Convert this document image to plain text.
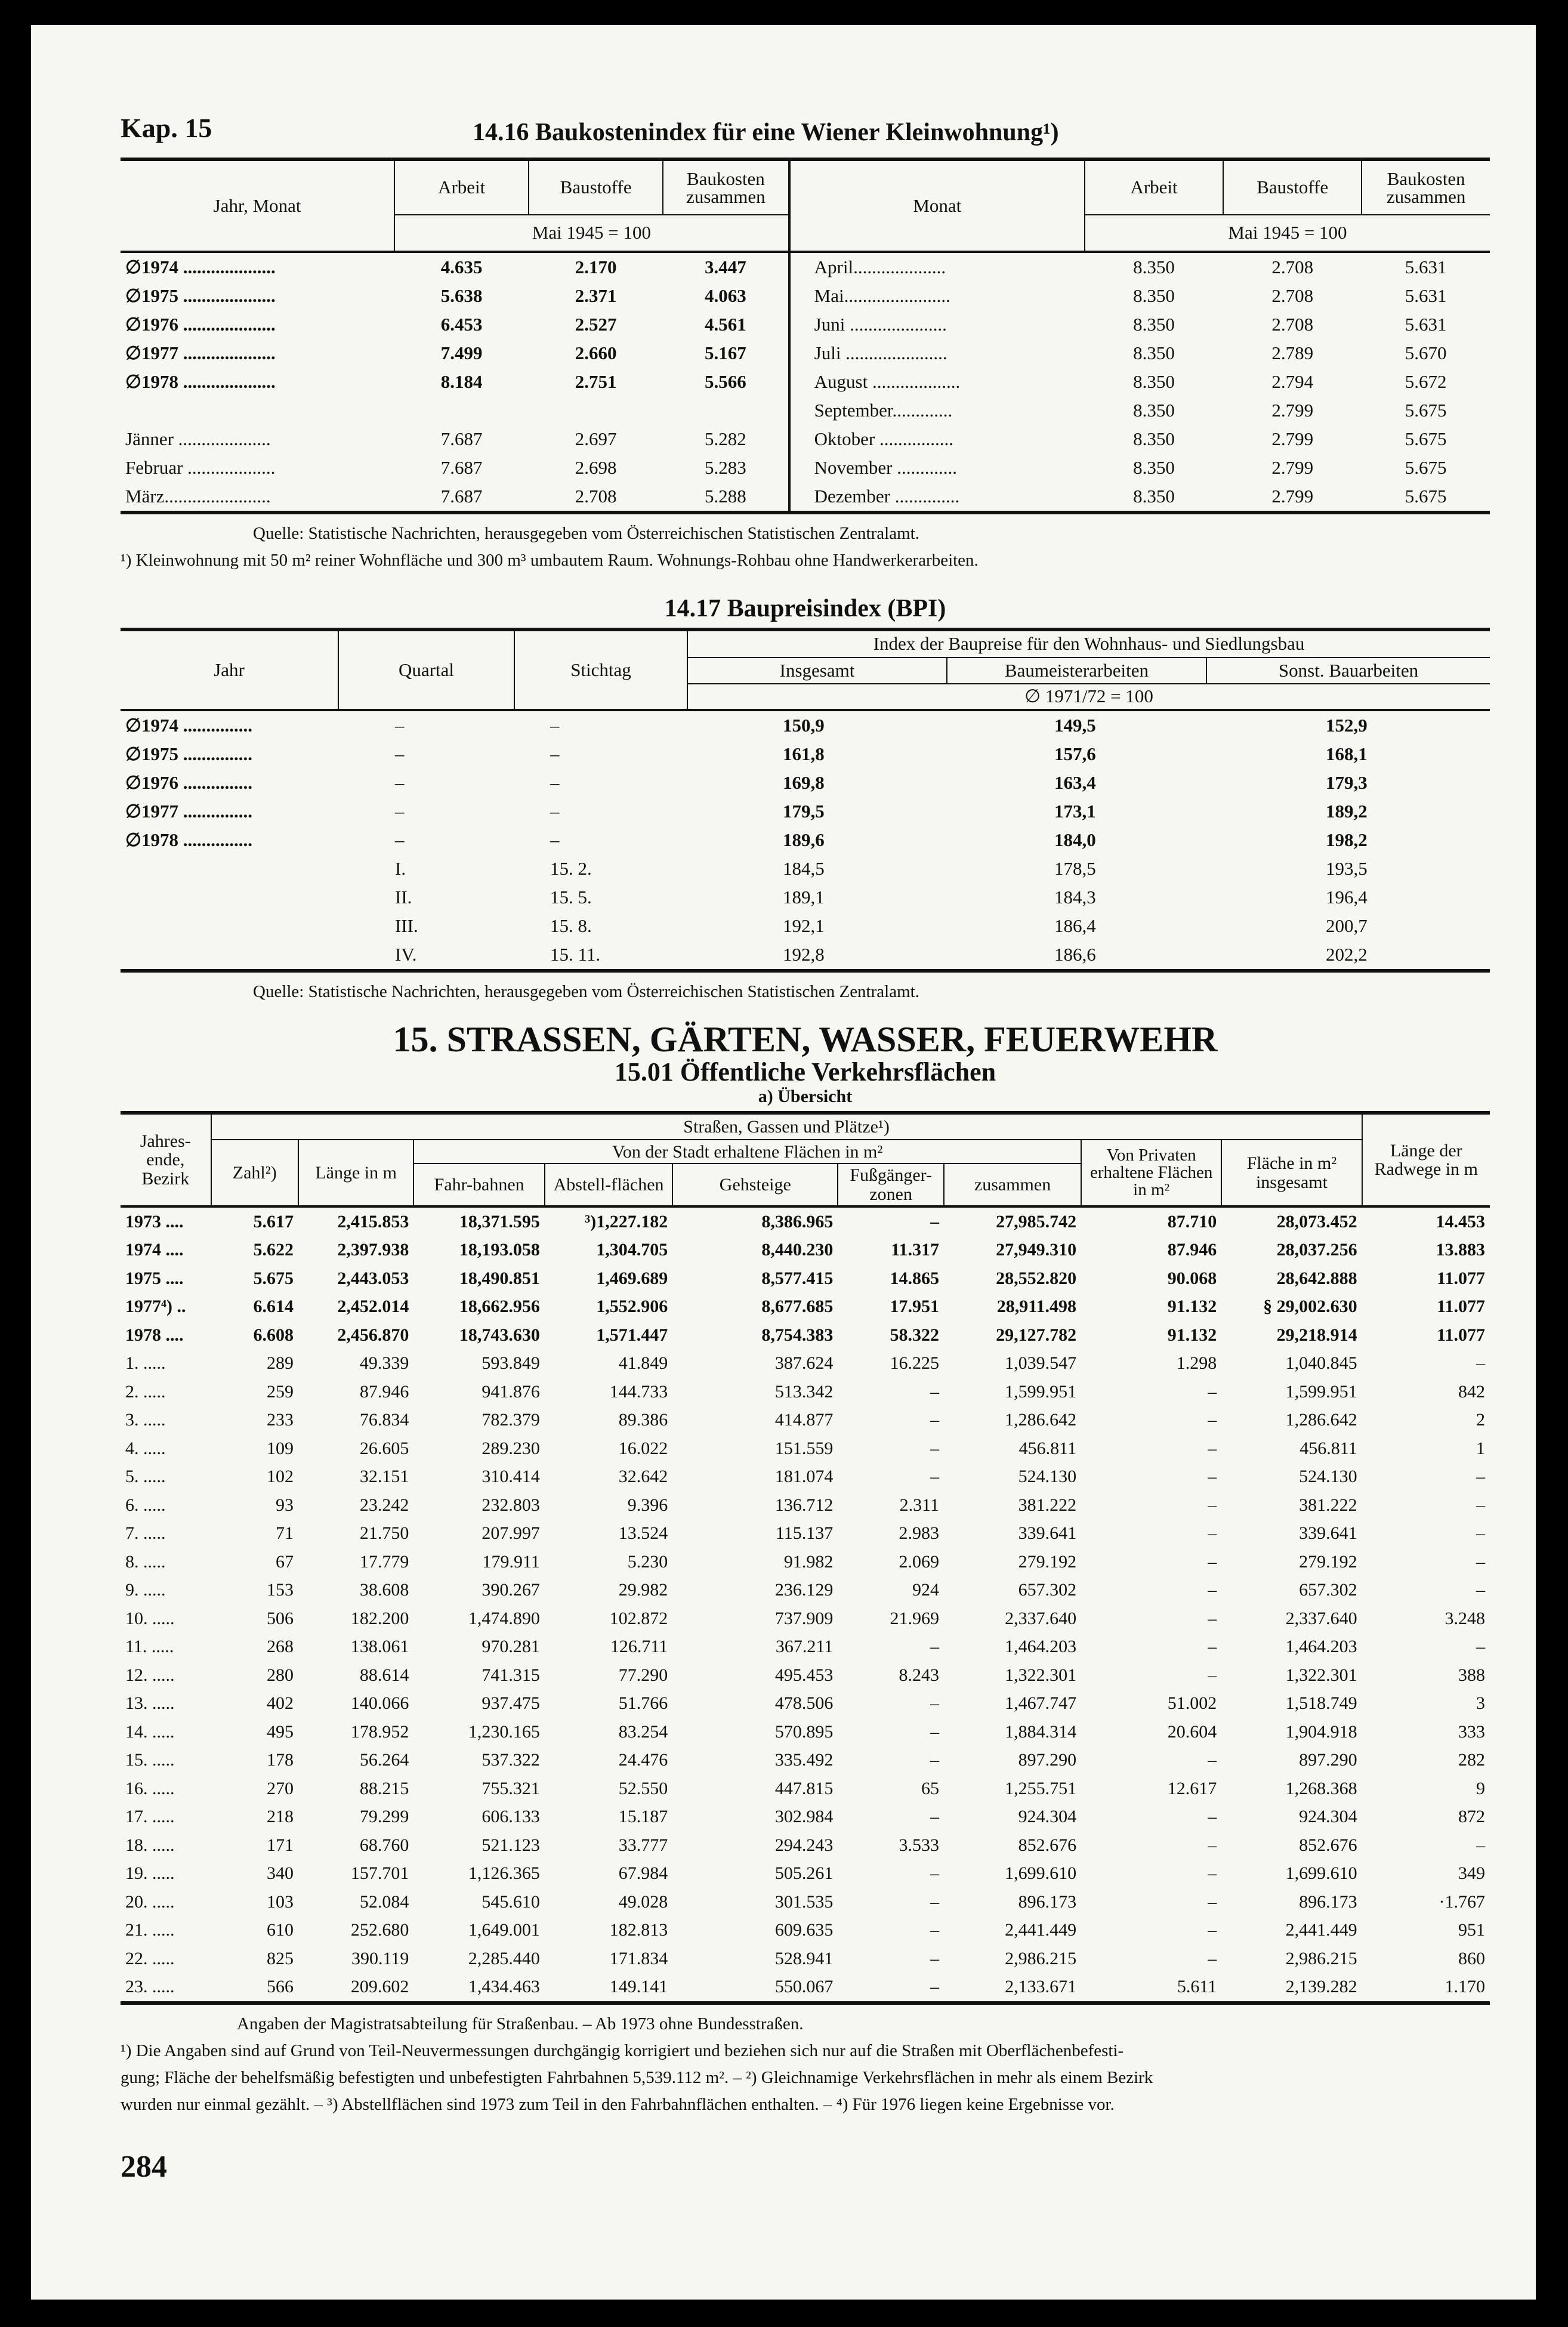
Kap. 15	14.16 Baukostenindex für eine Wiener Kleinwohnung¹)
Jahr, Monat	Arbeit	Baustoffe	Baukosten zusammen	Monat	Arbeit	Baustoffe	Baukosten zusammen
	Mai 1945 = 100				Mai 1945 = 100		

∅1974 ....................	4.635	2.170	3.447	April....................	8.350	2.708	5.631
∅1975 ....................	5.638	2.371	4.063	Mai.......................	8.350	2.708	5.631
∅1976 ....................	6.453	2.527	4.561	Juni .....................	8.350	2.708	5.631
∅1977 ....................	7.499	2.660	5.167	Juli ......................	8.350	2.789	5.670
∅1978 ....................	8.184	2.751	5.566	August ...................	8.350	2.794	5.672
				September.............	8.350	2.799	5.675
Jänner ....................	7.687	2.697	5.282	Oktober ................	8.350	2.799	5.675
Februar ...................	7.687	2.698	5.283	November .............	8.350	2.799	5.675
März.......................	7.687	2.708	5.288	Dezember ..............	8.350	2.799	5.675

Quelle: Statistische Nachrichten, herausgegeben vom Österreichischen Statistischen Zentralamt.

¹) Kleinwohnung mit 50 m² reiner Wohnfläche und 300 m³ umbautem Raum. Wohnungs-Rohbau ohne Handwerkerarbeiten.

14.17 Baupreisindex (BPI)
Jahr	Quartal	Stichtag	Index der Baupreise für den Wohnhaus- und Siedlungsbau		
			Insgesamt	Baumeisterarbeiten	Sonst. Bauarbeiten
			∅ 1971/72 = 100		

∅1974 ...............	–	–	150,9	149,5	152,9
∅1975 ...............	–	–	161,8	157,6	168,1
∅1976 ...............	–	–	169,8	163,4	179,3
∅1977 ...............	–	–	179,5	173,1	189,2
∅1978 ...............	–	–	189,6	184,0	198,2
	I.	15. 2.	184,5	178,5	193,5
	II.	15. 5.	189,1	184,3	196,4
	III.	15. 8.	192,1	186,4	200,7
	IV.	15. 11.	192,8	186,6	202,2
Quelle: Statistische Nachrichten, herausgegeben vom Österreichischen Statistischen Zentralamt.
15. STRASSEN, GÄRTEN, WASSER, FEUERWEHR
15.01 Öffentliche Verkehrsflächen
a) Übersicht
Jahres-ende, Bezirk	Straßen, Gassen und Plätze¹)									Länge der Radwege in m
	Zahl²)	Länge in m	Von der Stadt erhaltene Flächen in m²					Von Privaten erhaltene Flächen in m²	Fläche in m² insgesamt	
			Fahr-bahnen	Abstell-flächen	Gehsteige	Fußgänger-zonen	zusammen			

1973 ....	5.617	2,415.853	18,371.595	³)1,227.182	8,386.965	–	27,985.742	87.710	28,073.452	14.453
1974 ....	5.622	2,397.938	18,193.058	1,304.705	8,440.230	11.317	27,949.310	87.946	28,037.256	13.883
1975 ....	5.675	2,443.053	18,490.851	1,469.689	8,577.415	14.865	28,552.820	90.068	28,642.888	11.077
1977⁴) ..	6.614	2,452.014	18,662.956	1,552.906	8,677.685	17.951	28,911.498	91.132	§ 29,002.630	11.077
1978 ....	6.608	2,456.870	18,743.630	1,571.447	8,754.383	58.322	29,127.782	91.132	29,218.914	11.077
1. .....	289	49.339	593.849	41.849	387.624	16.225	1,039.547	1.298	1,040.845	–
2. .....	259	87.946	941.876	144.733	513.342	–	1,599.951	–	1,599.951	842
3. .....	233	76.834	782.379	89.386	414.877	–	1,286.642	–	1,286.642	2
4. .....	109	26.605	289.230	16.022	151.559	–	456.811	–	456.811	1
5. .....	102	32.151	310.414	32.642	181.074	–	524.130	–	524.130	–
6. .....	93	23.242	232.803	9.396	136.712	2.311	381.222	–	381.222	–
7. .....	71	21.750	207.997	13.524	115.137	2.983	339.641	–	339.641	–
8. .....	67	17.779	179.911	5.230	91.982	2.069	279.192	–	279.192	–
9. .....	153	38.608	390.267	29.982	236.129	924	657.302	–	657.302	–
10. .....	506	182.200	1,474.890	102.872	737.909	21.969	2,337.640	–	2,337.640	3.248
11. .....	268	138.061	970.281	126.711	367.211	–	1,464.203	–	1,464.203	–
12. .....	280	88.614	741.315	77.290	495.453	8.243	1,322.301	–	1,322.301	388
13. .....	402	140.066	937.475	51.766	478.506	–	1,467.747	51.002	1,518.749	3
14. .....	495	178.952	1,230.165	83.254	570.895	–	1,884.314	20.604	1,904.918	333
15. .....	178	56.264	537.322	24.476	335.492	–	897.290	–	897.290	282
16. .....	270	88.215	755.321	52.550	447.815	65	1,255.751	12.617	1,268.368	9
17. .....	218	79.299	606.133	15.187	302.984	–	924.304	–	924.304	872
18. .....	171	68.760	521.123	33.777	294.243	3.533	852.676	–	852.676	–
19. .....	340	157.701	1,126.365	67.984	505.261	–	1,699.610	–	1,699.610	349
20. .....	103	52.084	545.610	49.028	301.535	–	896.173	–	896.173	·1.767
21. .....	610	252.680	1,649.001	182.813	609.635	–	2,441.449	–	2,441.449	951
22. .....	825	390.119	2,285.440	171.834	528.941	–	2,986.215	–	2,986.215	860
23. .....	566	209.602	1,434.463	149.141	550.067	–	2,133.671	5.611	2,139.282	1.170

Angaben der Magistratsabteilung für Straßenbau. – Ab 1973 ohne Bundesstraßen.

¹) Die Angaben sind auf Grund von Teil-Neuvermessungen durchgängig korrigiert und beziehen sich nur auf die Straßen mit Oberflächenbefesti-

gung; Fläche der behelfsmäßig befestigten und unbefestigten Fahrbahnen 5,539.112 m². – ²) Gleichnamige Verkehrsflächen in mehr als einem Bezirk

wurden nur einmal gezählt. – ³) Abstellflächen sind 1973 zum Teil in den Fahrbahnflächen enthalten. – ⁴) Für 1976 liegen keine Ergebnisse vor.

284
